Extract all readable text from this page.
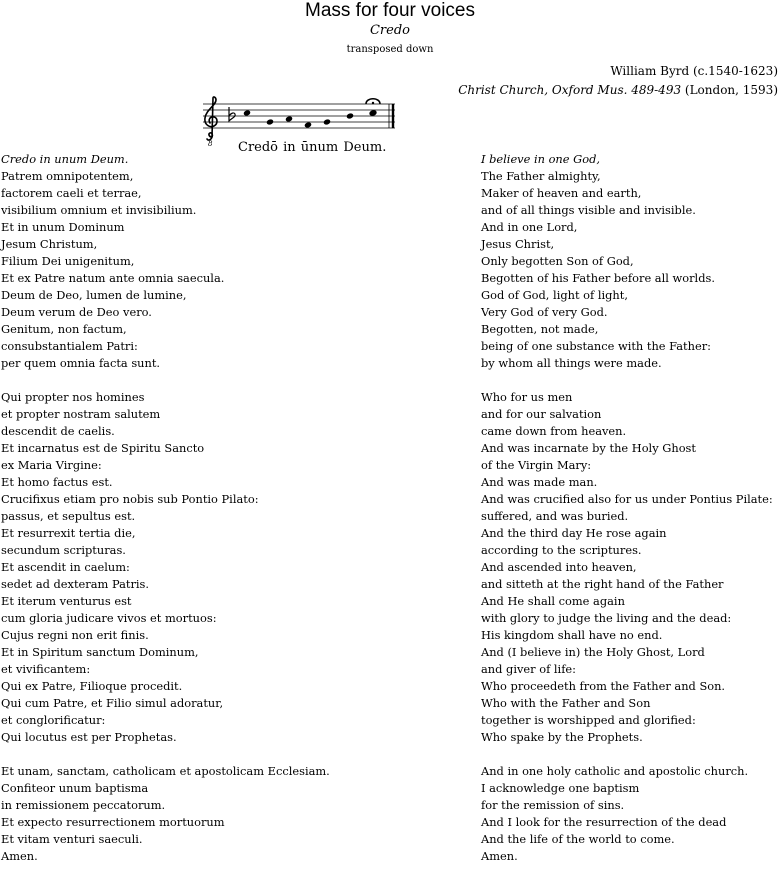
Mass for four voices
Credo
transposed down
William Byrd (c.1540-1623)
Christ Church, Oxford Mus. 489-493 (London, 1593)
8 Credō in ūnum Deum.
Credo in unum Deum.
Patrem omnipotentem,
factorem caeli et terrae,
visibilium omnium et invisibilium.
Et in unum Dominum
Jesum Christum,
Filium Dei unigenitum,
Et ex Patre natum ante omnia saecula.
Deum de Deo, lumen de lumine,
Deum verum de Deo vero.
Genitum, non factum,
consubstantialem Patri:
per quem omnia facta sunt.
Qui propter nos homines
et propter nostram salutem
descendit de caelis.
Et incarnatus est de Spiritu Sancto
ex Maria Virgine:
Et homo factus est.
Crucifixus etiam pro nobis sub Pontio Pilato:
passus, et sepultus est.
Et resurrexit tertia die,
secundum scripturas.
Et ascendit in caelum:
sedet ad dexteram Patris.
Et iterum venturus est
cum gloria judicare vivos et mortuos:
Cujus regni non erit finis.
Et in Spiritum sanctum Dominum,
et vivificantem:
Qui ex Patre, Filioque procedit.
Qui cum Patre, et Filio simul adoratur,
et conglorificatur:
Qui locutus est per Prophetas.
Et unam, sanctam, catholicam et apostolicam Ecclesiam.
Confiteor unum baptisma
in remissionem peccatorum.
Et expecto resurrectionem mortuorum
Et vitam venturi saeculi.
Amen.
I believe in one God,
The Father almighty,
Maker of heaven and earth,
and of all things visible and invisible.
And in one Lord,
Jesus Christ,
Only begotten Son of God,
Begotten of his Father before all worlds.
God of God, light of light,
Very God of very God.
Begotten, not made,
being of one substance with the Father:
by whom all things were made.
Who for us men
and for our salvation
came down from heaven.
And was incarnate by the Holy Ghost
of the Virgin Mary:
And was made man.
And was crucified also for us under Pontius Pilate:
suffered, and was buried.
And the third day He rose again
according to the scriptures.
And ascended into heaven,
and sitteth at the right hand of the Father
And He shall come again
with glory to judge the living and the dead:
His kingdom shall have no end.
And (I believe in) the Holy Ghost, Lord
and giver of life:
Who proceedeth from the Father and Son.
Who with the Father and Son
together is worshipped and glorified:
Who spake by the Prophets.
And in one holy catholic and apostolic church.
I acknowledge one baptism
for the remission of sins.
And I look for the resurrection of the dead
And the life of the world to come.
Amen.
